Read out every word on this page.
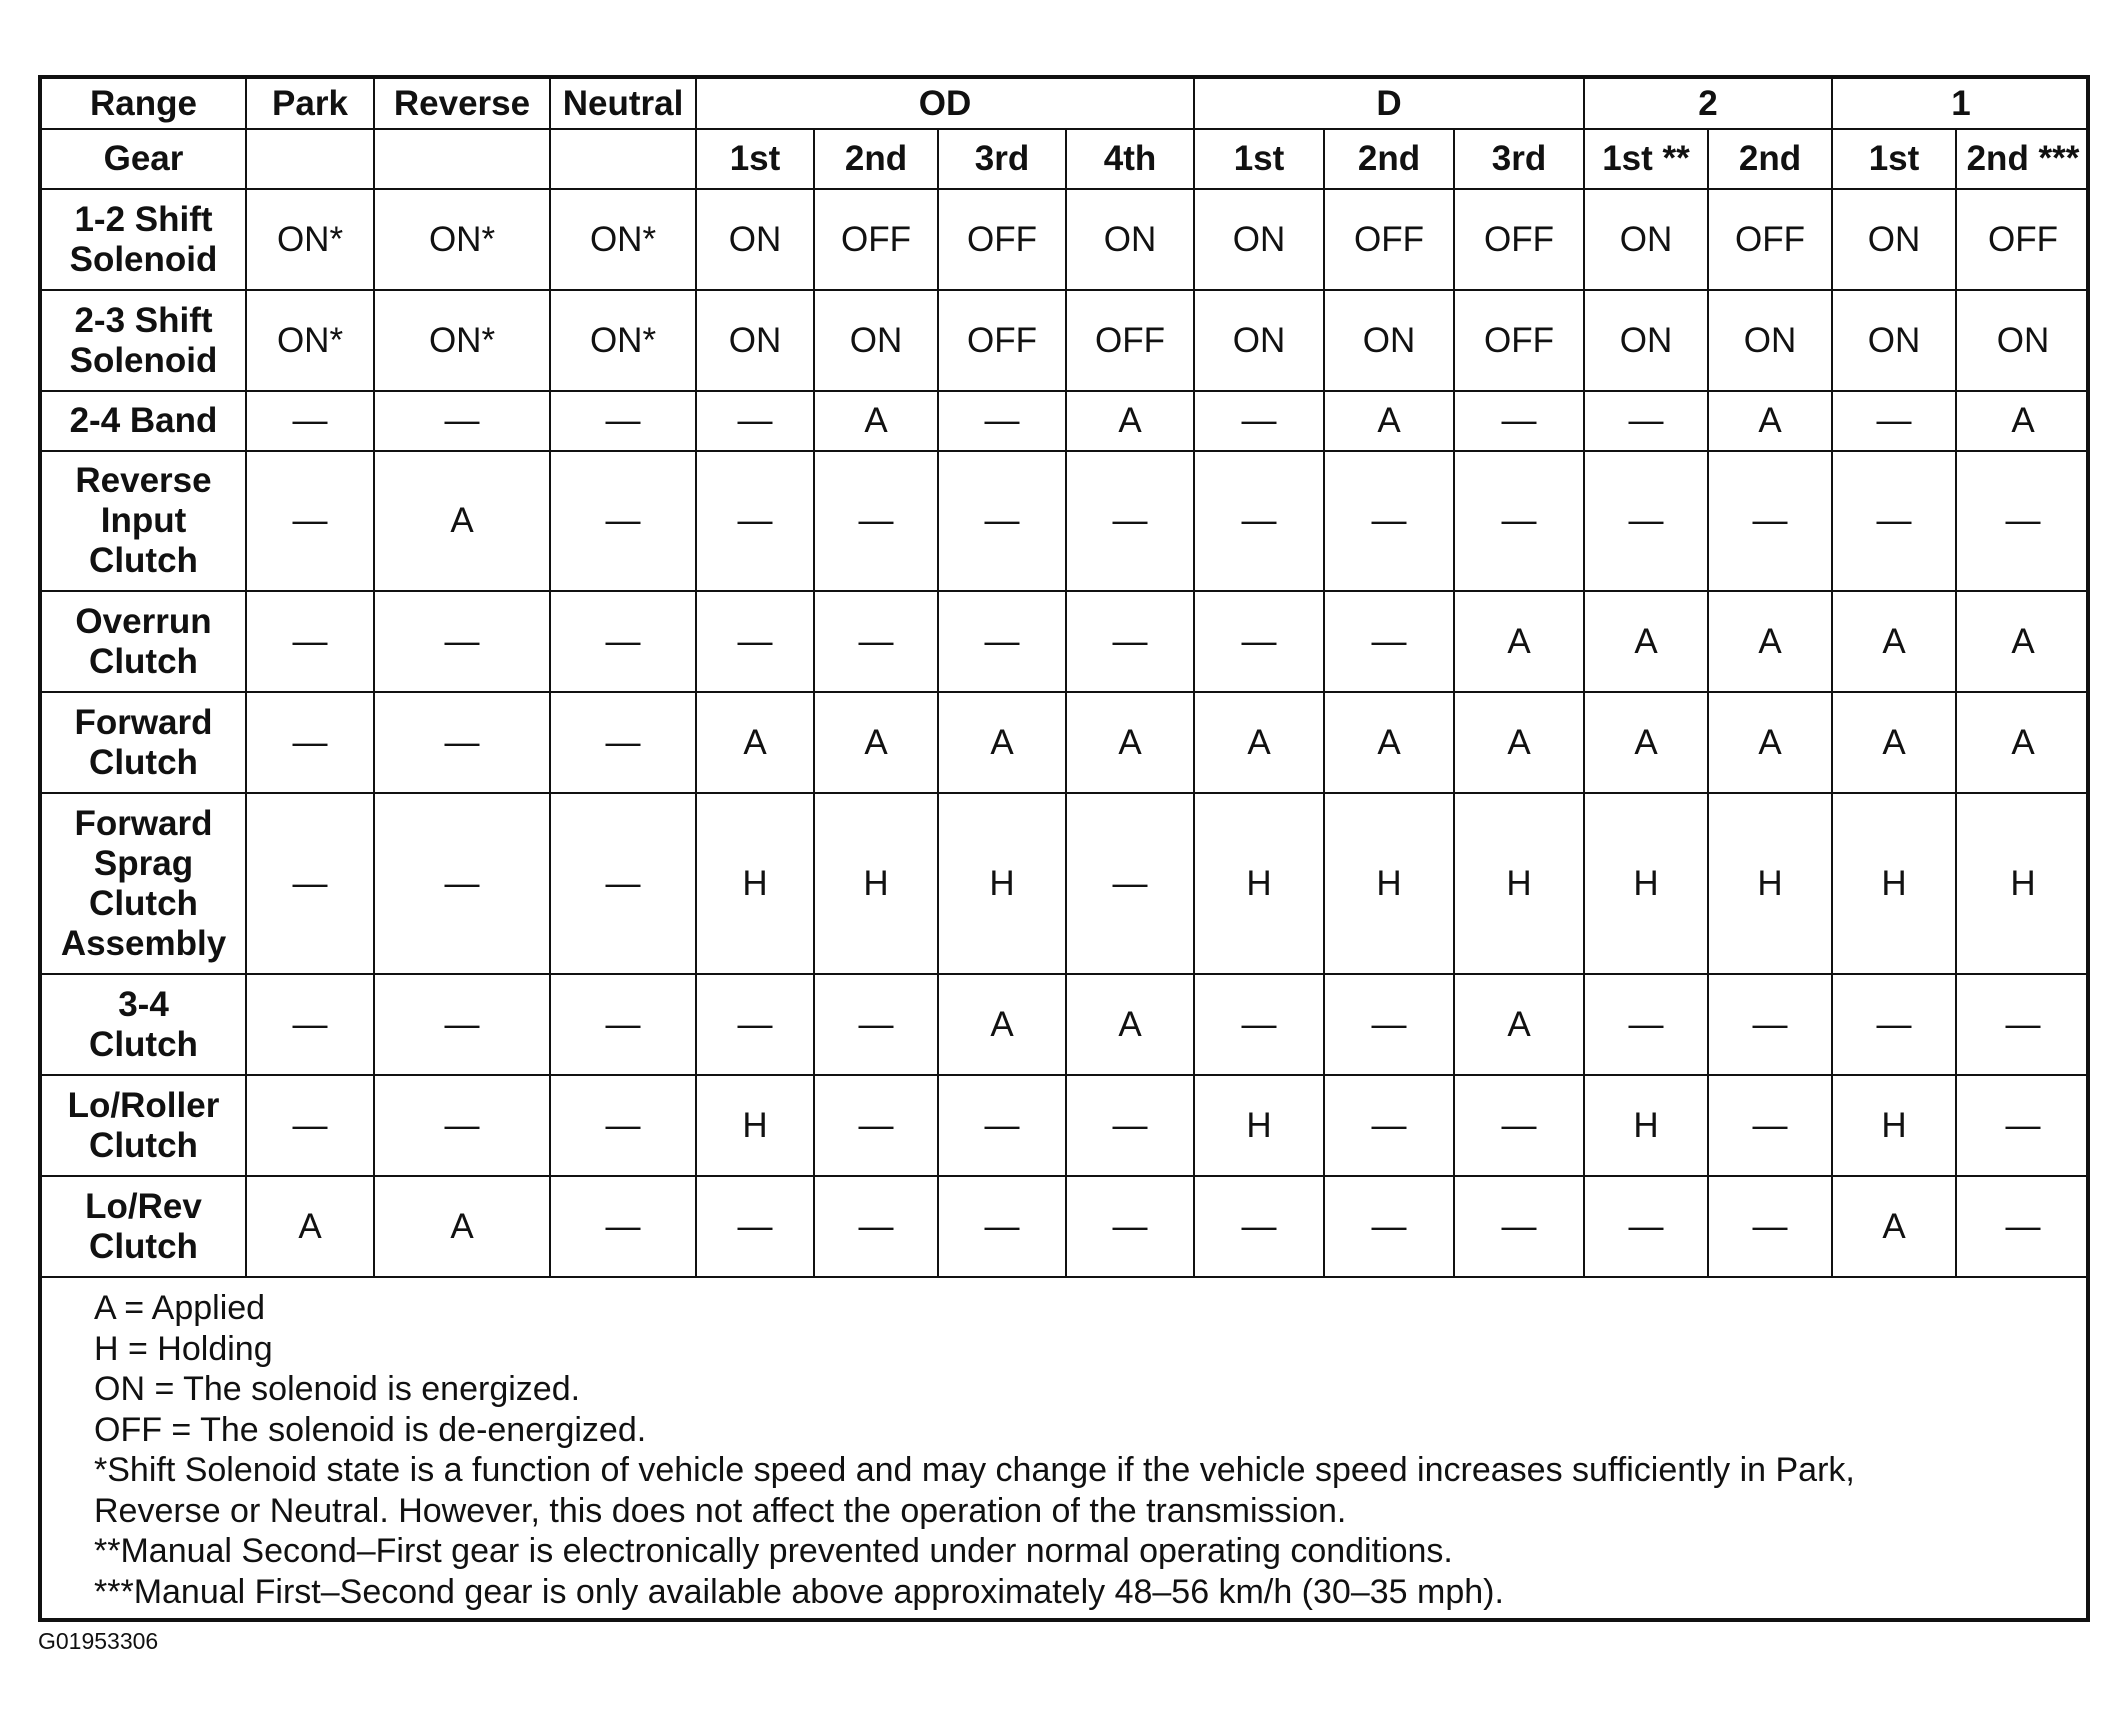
Range	Park	Reverse	Neutral	OD				D			2		1	
Gear				1st	2nd	3rd	4th	1st	2nd	3rd	1st **	2nd	1st	2nd ***
1-2 Shift
Solenoid	ON*	ON*	ON*	ON	OFF	OFF	ON	ON	OFF	OFF	ON	OFF	ON	OFF
2-3 Shift
Solenoid	ON*	ON*	ON*	ON	ON	OFF	OFF	ON	ON	OFF	ON	ON	ON	ON
2-4 Band	—	—	—	—	A	—	A	—	A	—	—	A	—	A
Reverse
Input
Clutch	—	A	—	—	—	—	—	—	—	—	—	—	—	—
Overrun
Clutch	—	—	—	—	—	—	—	—	—	A	A	A	A	A
Forward
Clutch	—	—	—	A	A	A	A	A	A	A	A	A	A	A
Forward
Sprag
Clutch
Assembly	—	—	—	H	H	H	—	H	H	H	H	H	H	H
3-4
Clutch	—	—	—	—	—	A	A	—	—	A	—	—	—	—
Lo/Roller
Clutch	—	—	—	H	—	—	—	H	—	—	H	—	H	—
Lo/Rev
Clutch	A	A	—	—	—	—	—	—	—	—	—	—	A	—
A = Applied
H = Holding
ON = The solenoid is energized.
OFF = The solenoid is de-energized.
*Shift Solenoid state is a function of vehicle speed and may change if the vehicle speed increases sufficiently in Park,
Reverse or Neutral. However, this does not affect the operation of the transmission.
**Manual Second–First gear is electronically prevented under normal operating conditions.
***Manual First–Second gear is only available above approximately 48–56 km/h (30–35 mph).
G01953306
